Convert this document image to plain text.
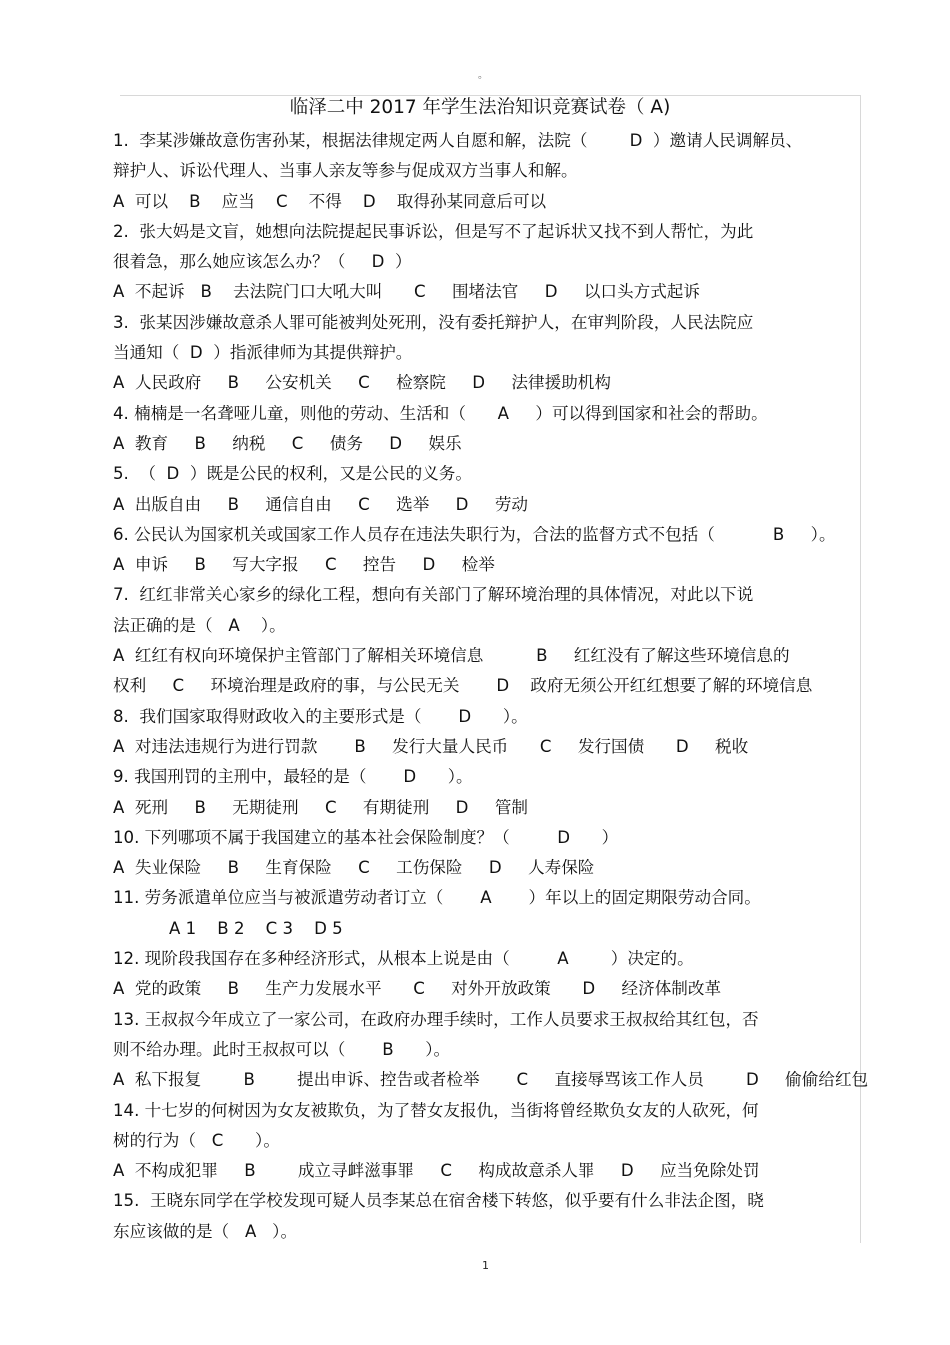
。
临泽二中 2017 年学生法治知识竞赛试卷（ A)
1.  李某涉嫌故意伤害孙某，根据法律规定两人自愿和解，法院（        D  ）邀请人民调解员、
辩护人、诉讼代理人、当事人亲友等参与促成双方当事人和解。
A  可以    B    应当    C    不得    D    取得孙某同意后可以
2.  张大妈是文盲，她想向法院提起民事诉讼，但是写不了起诉状又找不到人帮忙，为此
很着急，那么她应该怎么办？（     D  ）
A  不起诉   B    去法院门口大吼大叫      C     围堵法官     D     以口头方式起诉
3.  张某因涉嫌故意杀人罪可能被判处死刑，没有委托辩护人，在审判阶段，人民法院应
当通知（  D  ）指派律师为其提供辩护。
A  人民政府     B     公安机关     C     检察院     D     法律援助机构
4. 楠楠是一名聋哑儿童，则他的劳动、生活和（      A     ）可以得到国家和社会的帮助。
A  教育     B     纳税     C     债务     D     娱乐
5.  （  D  ）既是公民的权利，又是公民的义务。
A  出版自由     B     通信自由     C     选举     D     劳动
6. 公民认为国家机关或国家工作人员存在违法失职行为，合法的监督方式不包括（           B     ）。
A  申诉     B     写大字报     C     控告     D     检举
7.  红红非常关心家乡的绿化工程，想向有关部门了解环境治理的具体情况，对此以下说
法正确的是（   A    ）。
A  红红有权向环境保护主管部门了解相关环境信息          B     红红没有了解这些环境信息的
权利     C     环境治理是政府的事，与公民无关       D    政府无须公开红红想要了解的环境信息
8.  我们国家取得财政收入的主要形式是（       D      ）。
A  对违法违规行为进行罚款       B     发行大量人民币      C     发行国债      D     税收
9. 我国刑罚的主刑中，最轻的是（       D      ）。
A  死刑     B     无期徒刑     C     有期徒刑     D     管制
10. 下列哪项不属于我国建立的基本社会保险制度？（         D      ）
A  失业保险     B     生育保险     C     工伤保险     D     人寿保险
11. 劳务派遣单位应当与被派遣劳动者订立（       A       ）年以上的固定期限劳动合同。
A 1    B 2    C 3    D 5
12. 现阶段我国存在多种经济形式，从根本上说是由（         A        ）决定的。
A  党的政策     B     生产力发展水平      C     对外开放政策      D     经济体制改革
13. 王叔叔今年成立了一家公司，在政府办理手续时，工作人员要求王叔叔给其红包，否
则不给办理。此时王叔叔可以（       B      ）。
A  私下报复        B        提出申诉、控告或者检举       C     直接辱骂该工作人员        D     偷偷给红包
14. 十七岁的何树因为女友被欺负，为了替女友报仇，当街将曾经欺负女友的人砍死，何
树的行为（   C      ）。
A  不构成犯罪     B        成立寻衅滋事罪     C     构成故意杀人罪     D     应当免除处罚
15.  王晓东同学在学校发现可疑人员李某总在宿舍楼下转悠，似乎要有什么非法企图，晓
东应该做的是（   A   ）。
1
